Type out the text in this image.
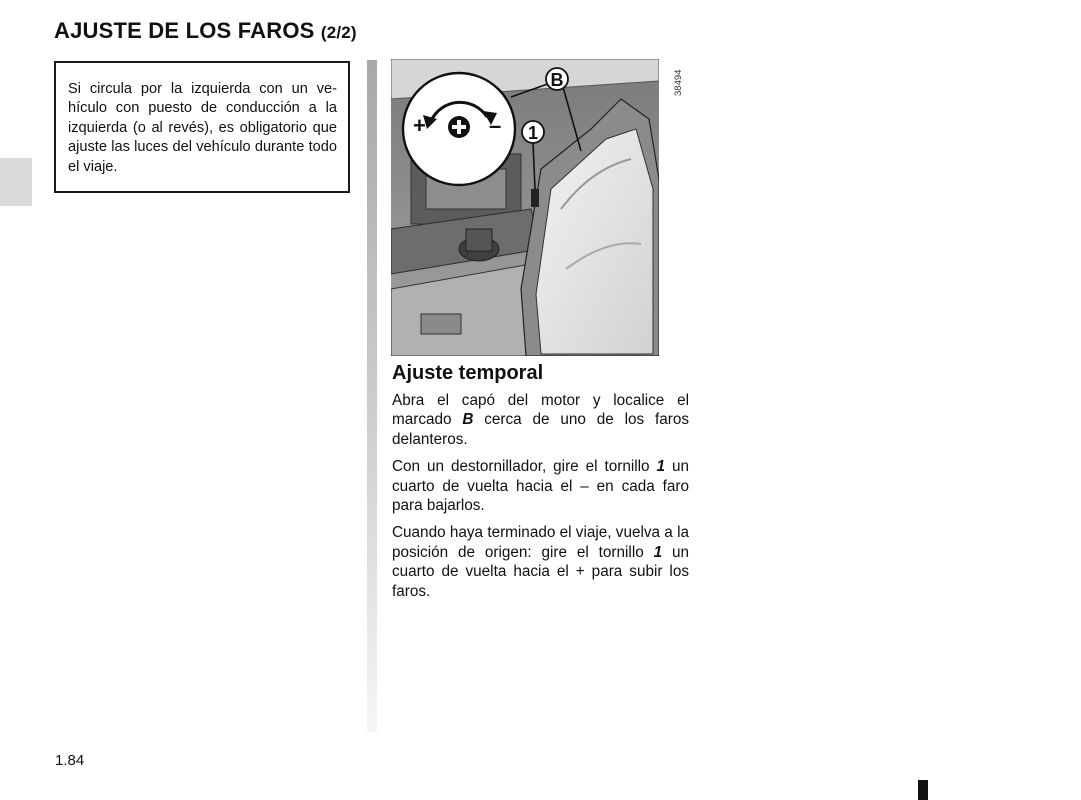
AJUSTE DE LOS FAROS (2/2)
Si circula por la izquierda con un vehículo con puesto de conducción a la izquierda (o al revés), es obligatorio que ajuste las luces del vehículo durante todo el viaje.
+	–
B
1
38494
Ajuste temporal

Abra el capó del motor y localice el marcado B cerca de uno de los faros delanteros.

Con un destornillador, gire el tornillo 1 un cuarto de vuelta hacia el – en cada faro para bajarlos.

Cuando haya terminado el viaje, vuelva a la posición de origen: gire el tornillo 1 un cuarto de vuelta hacia el + para subir los faros.

1.84
